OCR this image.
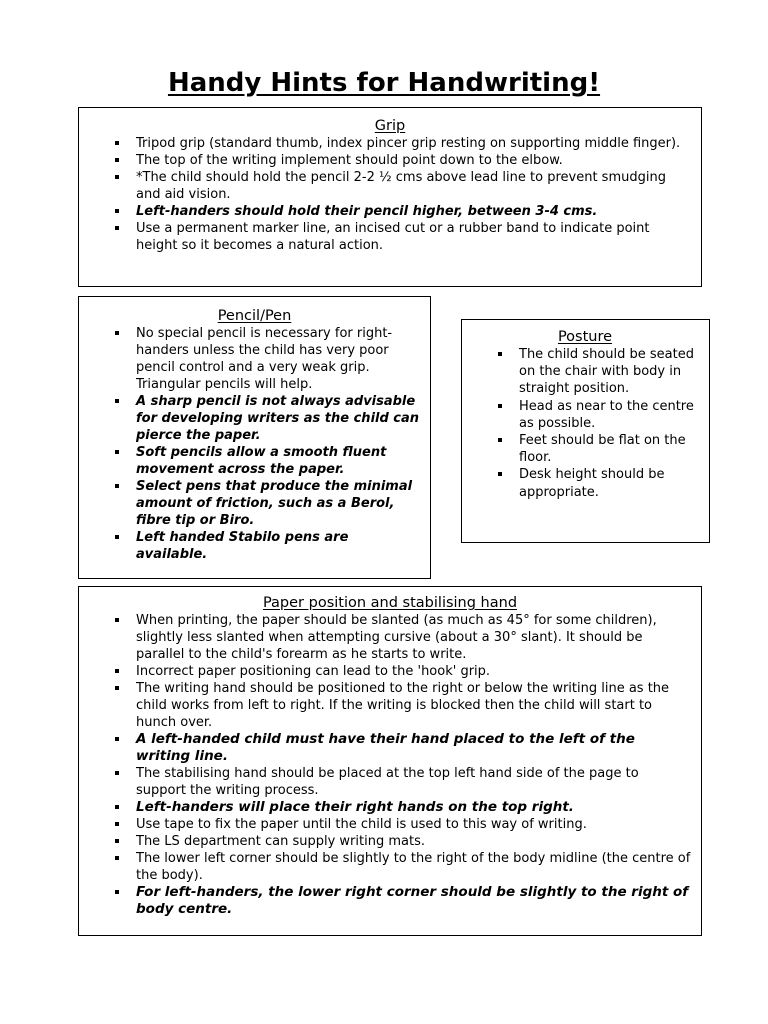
Handy Hints for Handwriting!
Grip
Tripod grip (standard thumb, index pincer grip resting on supporting middle finger).
The top of the writing implement should point down to the elbow.
*The child should hold the pencil 2-2 ½ cms above lead line to prevent smudging and aid vision.
Left-handers should hold their pencil higher, between 3-4 cms.
Use a permanent marker line, an incised cut or a rubber band to indicate point height so it becomes a natural action.
Pencil/Pen
No special pencil is necessary for right-handers unless the child has very poor pencil control and a very weak grip. Triangular pencils will help.
A sharp pencil is not always advisable for developing writers as the child can pierce the paper.
Soft pencils allow a smooth fluent movement across the paper.
Select pens that produce the minimal amount of friction, such as a Berol, fibre tip or Biro.
Left handed Stabilo pens are available.
Posture
The child should be seated on the chair with body in straight position.
Head as near to the centre as possible.
Feet should be flat on the floor.
Desk height should be appropriate.
Paper position and stabilising hand
When printing, the paper should be slanted (as much as 45° for some children), slightly less slanted when attempting cursive (about a 30° slant). It should be parallel to the child's forearm as he starts to write.
Incorrect paper positioning can lead to the 'hook' grip.
The writing hand should be positioned to the right or below the writing line as the child works from left to right. If the writing is blocked then the child will start to hunch over.
A left-handed child must have their hand placed to the left of the writing line.
The stabilising hand should be placed at the top left hand side of the page to support the writing process.
Left-handers will place their right hands on the top right.
Use tape to fix the paper until the child is used to this way of writing.
The LS department can supply writing mats.
The lower left corner should be slightly to the right of the body midline (the centre of the body).
For left-handers, the lower right corner should be slightly to the right of body centre.
